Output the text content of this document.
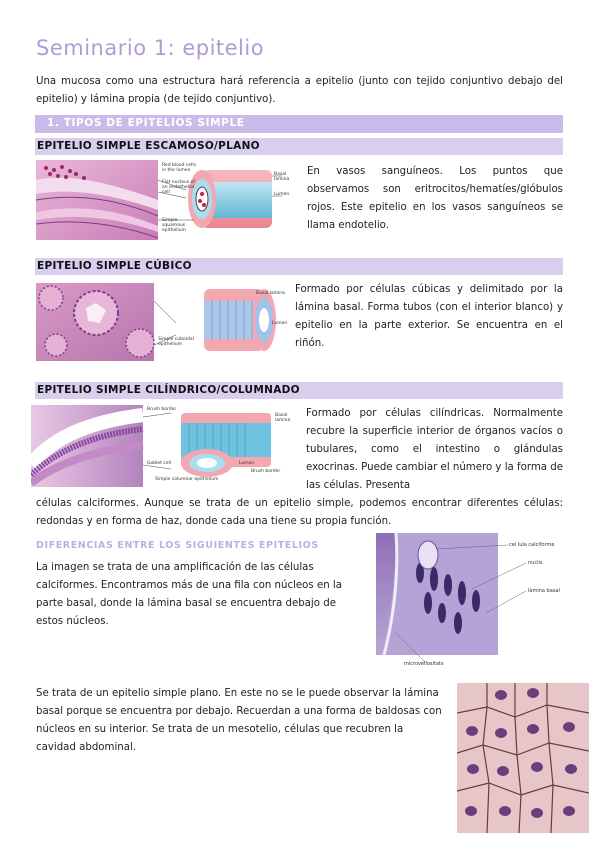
Seminario 1: epitelio
Una mucosa como una estructura hará referencia a epitelio (junto con tejido conjuntivo debajo del epitelio) y lámina propia (de tejido conjuntivo).
1. TIPOS DE EPITELIOS SIMPLE
EPITELIO SIMPLE ESCAMOSO/PLANO
Red blood cells in the lumen
Flat nucleus of an endothelial cell
Simple squamous epithelium
Basal lamina
Lumen
En vasos sanguíneos. Los puntos que observamos son eritrocitos/hematíes/glóbulos rojos. Este epitelio en los vasos sanguíneos se llama endotelio.
EPITELIO SIMPLE CÚBICO
Basal lamina
Lumen
Simple cuboidal epithelium
Formado por células cúbicas y delimitado por la lámina basal. Forma tubos (con el interior blanco) y epitelio en la parte exterior. Se encuentra en el riñón.
EPITELIO SIMPLE CILÍNDRICO/COLUMNADO
Brush border
Basal lamina
Goblet cell	Lumen
Brush border
Simple columnar epithelium
Formado por células cilíndricas. Normalmente recubre la superficie interior de órganos vacíos o tubulares, como el intestino o glándulas exocrinas. Puede cambiar el número y la forma de las células. Presenta
células calciformes. Aunque se trata de un epitelio simple, podemos encontrar diferentes células: redondas y en forma de haz, donde cada una tiene su propia función.
DIFERENCIAS ENTRE LOS SIGUIENTES EPITELIOS
La imagen se trata de una amplificación de las células calciformes. Encontramos más de una fila con núcleos en la parte basal, donde la lámina basal se encuentra debajo de estos núcleos.
cel lula calciforme
nuclis
làmina basal
microvellositats
Se trata de un epitelio simple plano. En este no se le puede observar la lámina basal porque se encuentra por debajo. Recuerdan a una forma de baldosas con núcleos en su interior. Se trata de un mesotelio, células que recubren la cavidad abdominal.
